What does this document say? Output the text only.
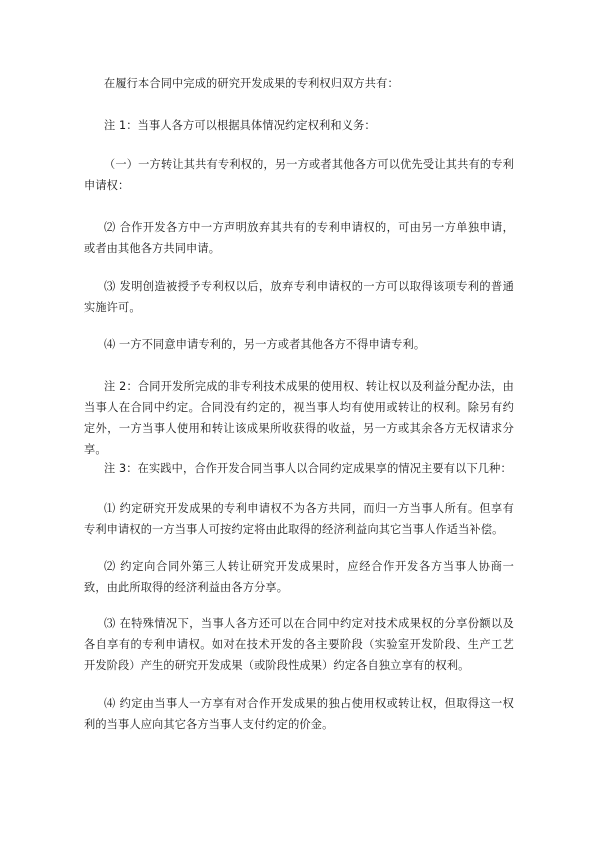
在履行本合同中完成的研究开发成果的专利权归双方共有：

注 1：当事人各方可以根据具体情况约定权利和义务：

（一）一方转让其共有专利权的，另一方或者其他各方可以优先受让其共有的专利申请权：

⑵ 合作开发各方中一方声明放弃其共有的专利申请权的，可由另一方单独申请，或者由其他各方共同申请。

⑶ 发明创造被授予专利权以后，放弃专利申请权的一方可以取得该项专利的普通实施许可。

⑷ 一方不同意申请专利的，另一方或者其他各方不得申请专利。

注 2：合同开发所完成的非专利技术成果的使用权、转让权以及利益分配办法，由当事人在合同中约定。合同没有约定的，视当事人均有使用或转让的权利。除另有约定外，一方当事人使用和转让该成果所收获得的收益，另一方或其余各方无权请求分享。

注 3：在实践中，合作开发合同当事人以合同约定成果享的情况主要有以下几种：

⑴ 约定研究开发成果的专利申请权不为各方共同，而归一方当事人所有。但享有专利申请权的一方当事人可按约定将由此取得的经济利益向其它当事人作适当补偿。

⑵ 约定向合同外第三人转让研究开发成果时，应经合作开发各方当事人协商一致，由此所取得的经济利益由各方分享。

⑶ 在特殊情况下，当事人各方还可以在合同中约定对技术成果权的分享份额以及各自享有的专利申请权。如对在技术开发的各主要阶段（实验室开发阶段、生产工艺开发阶段）产生的研究开发成果（或阶段性成果）约定各自独立享有的权利。

⑷ 约定由当事人一方享有对合作开发成果的独占使用权或转让权，但取得这一权利的当事人应向其它各方当事人支付约定的价金。
